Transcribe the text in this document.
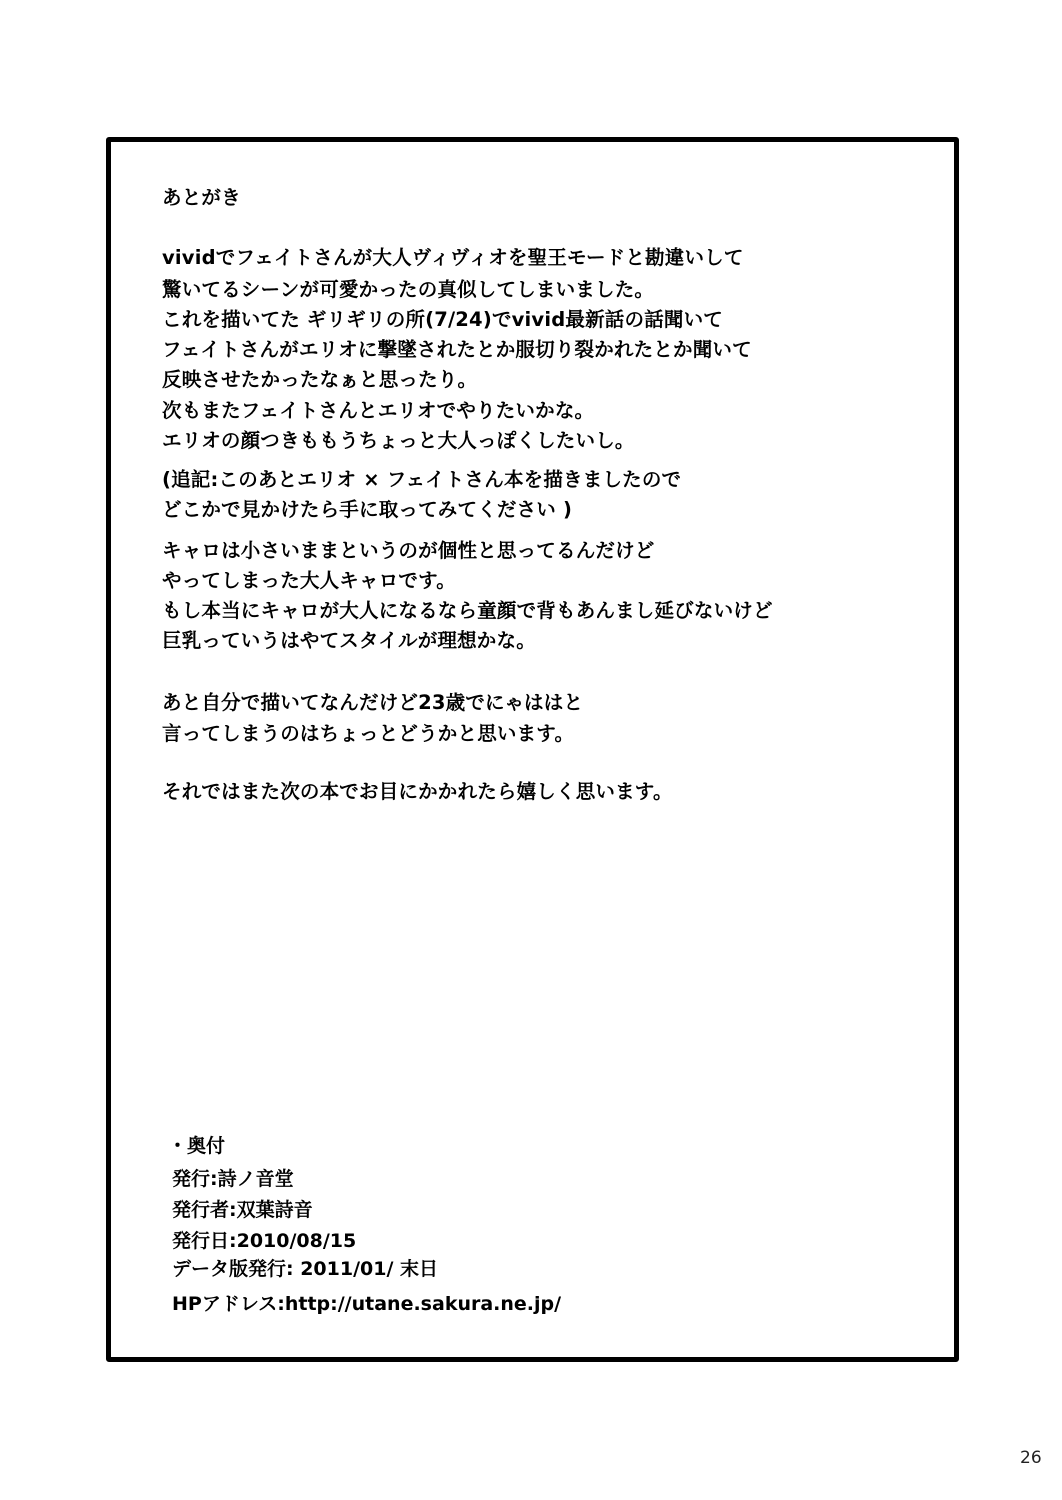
あとがき
vividでフェイトさんが大人ヴィヴィオを聖王モードと勘違いして
驚いてるシーンが可愛かったの真似してしまいました。
これを描いてた ギリギリの所(7/24)でvivid最新話の話聞いて
フェイトさんがエリオに撃墜されたとか服切り裂かれたとか聞いて
反映させたかったなぁと思ったり。
次もまたフェイトさんとエリオでやりたいかな。
エリオの顔つきももうちょっと大人っぽくしたいし。
(追記:このあとエリオ × フェイトさん本を描きましたので
どこかで見かけたら手に取ってみてください )
キャロは小さいままというのが個性と思ってるんだけど
やってしまった大人キャロです。
もし本当にキャロが大人になるなら童顔で背もあんまし延びないけど
巨乳っていうはやてスタイルが理想かな。
あと自分で描いてなんだけど23歳でにゃははと
言ってしまうのはちょっとどうかと思います。
それではまた次の本でお目にかかれたら嬉しく思います。
・奥付
発行:詩ノ音堂
発行者:双葉詩音
発行日:2010/08/15
データ版発行: 2011/01/ 末日
HPアドレス:http://utane.sakura.ne.jp/
26
